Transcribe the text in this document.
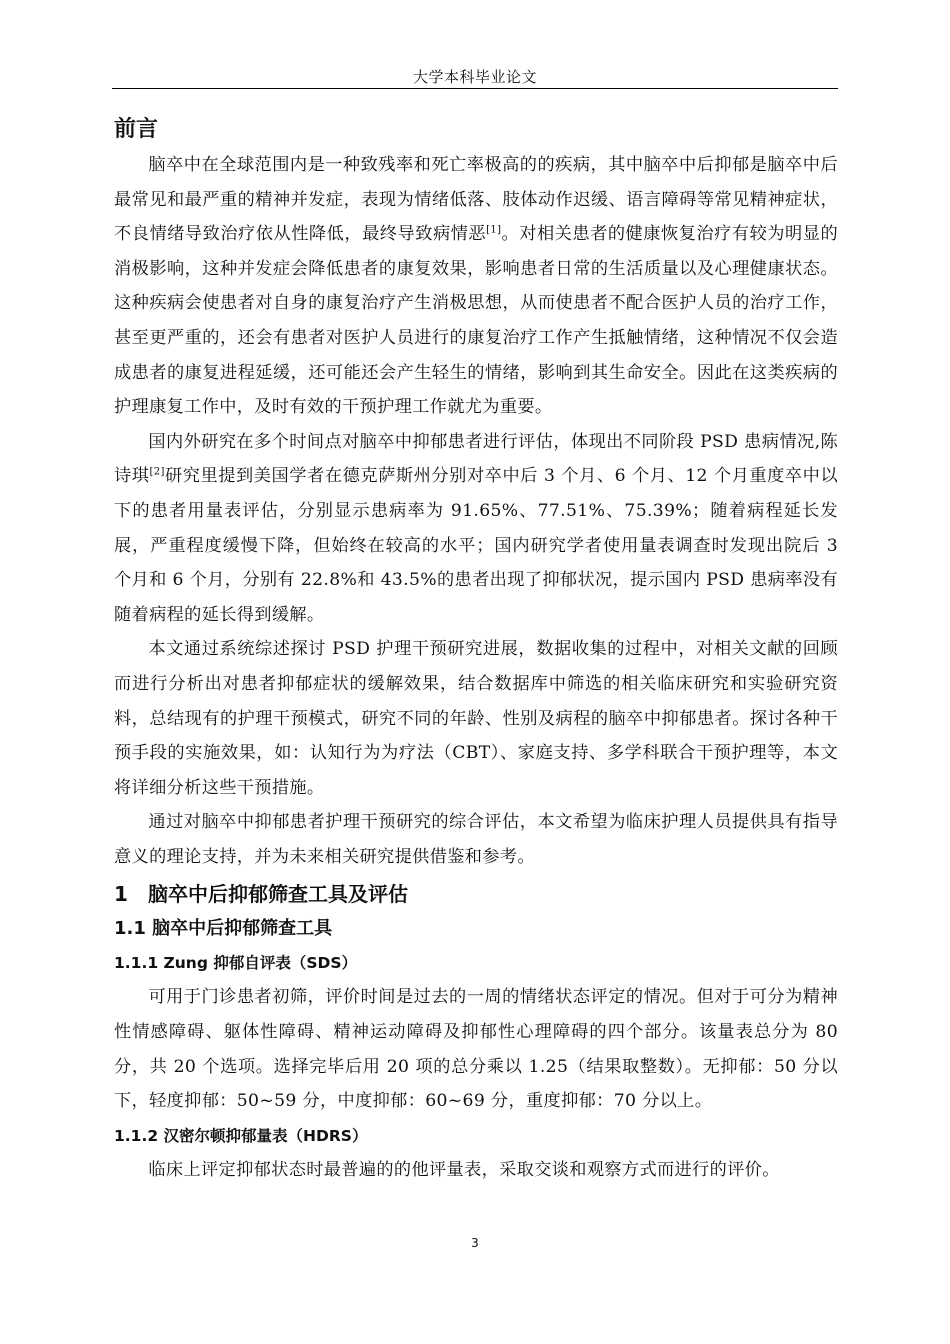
大学本科毕业论文
前言

脑卒中在全球范围内是一种致残率和死亡率极高的的疾病，其中脑卒中后抑郁是脑卒中后最常见和最严重的精神并发症，表现为情绪低落、肢体动作迟缓、语言障碍等常见精神症状，不良情绪导致治疗依从性降低，最终导致病情恶[1]。对相关患者的健康恢复治疗有较为明显的消极影响，这种并发症会降低患者的康复效果，影响患者日常的生活质量以及心理健康状态。这种疾病会使患者对自身的康复治疗产生消极思想，从而使患者不配合医护人员的治疗工作，甚至更严重的，还会有患者对医护人员进行的康复治疗工作产生抵触情绪，这种情况不仅会造成患者的康复进程延缓，还可能还会产生轻生的情绪，影响到其生命安全。因此在这类疾病的护理康复工作中，及时有效的干预护理工作就尤为重要。

国内外研究在多个时间点对脑卒中抑郁患者进行评估，体现出不同阶段 PSD 患病情况,陈诗琪[2]研究里提到美国学者在德克萨斯州分别对卒中后 3 个月、6 个月、12 个月重度卒中以下的患者用量表评估，分别显示患病率为 91.65%、77.51%、75.39%；随着病程延长发展，严重程度缓慢下降，但始终在较高的水平；国内研究学者使用量表调查时发现出院后 3 个月和 6 个月，分别有 22.8%和 43.5%的患者出现了抑郁状况，提示国内 PSD 患病率没有随着病程的延长得到缓解。

本文通过系统综述探讨 PSD 护理干预研究进展，数据收集的过程中，对相关文献的回顾而进行分析出对患者抑郁症状的缓解效果，结合数据库中筛选的相关临床研究和实验研究资料，总结现有的护理干预模式，研究不同的年龄、性别及病程的脑卒中抑郁患者。探讨各种干预手段的实施效果，如：认知行为为疗法（CBT）、家庭支持、多学科联合干预护理等，本文将详细分析这些干预措施。

通过对脑卒中抑郁患者护理干预研究的综合评估，本文希望为临床护理人员提供具有指导意义的理论支持，并为未来相关研究提供借鉴和参考。

1 脑卒中后抑郁筛查工具及评估
1.1 脑卒中后抑郁筛查工具
1.1.1 Zung 抑郁自评表（SDS）

可用于门诊患者初筛，评价时间是过去的一周的情绪状态评定的情况。但对于可分为精神性情感障碍、躯体性障碍、精神运动障碍及抑郁性心理障碍的四个部分。该量表总分为 80 分，共 20 个选项。选择完毕后用 20 项的总分乘以 1.25（结果取整数）。无抑郁：50 分以下，轻度抑郁：50~59 分，中度抑郁：60~69 分，重度抑郁：70 分以上。

1.1.2 汉密尔顿抑郁量表（HDRS）

临床上评定抑郁状态时最普遍的的他评量表，采取交谈和观察方式而进行的评价。

3
